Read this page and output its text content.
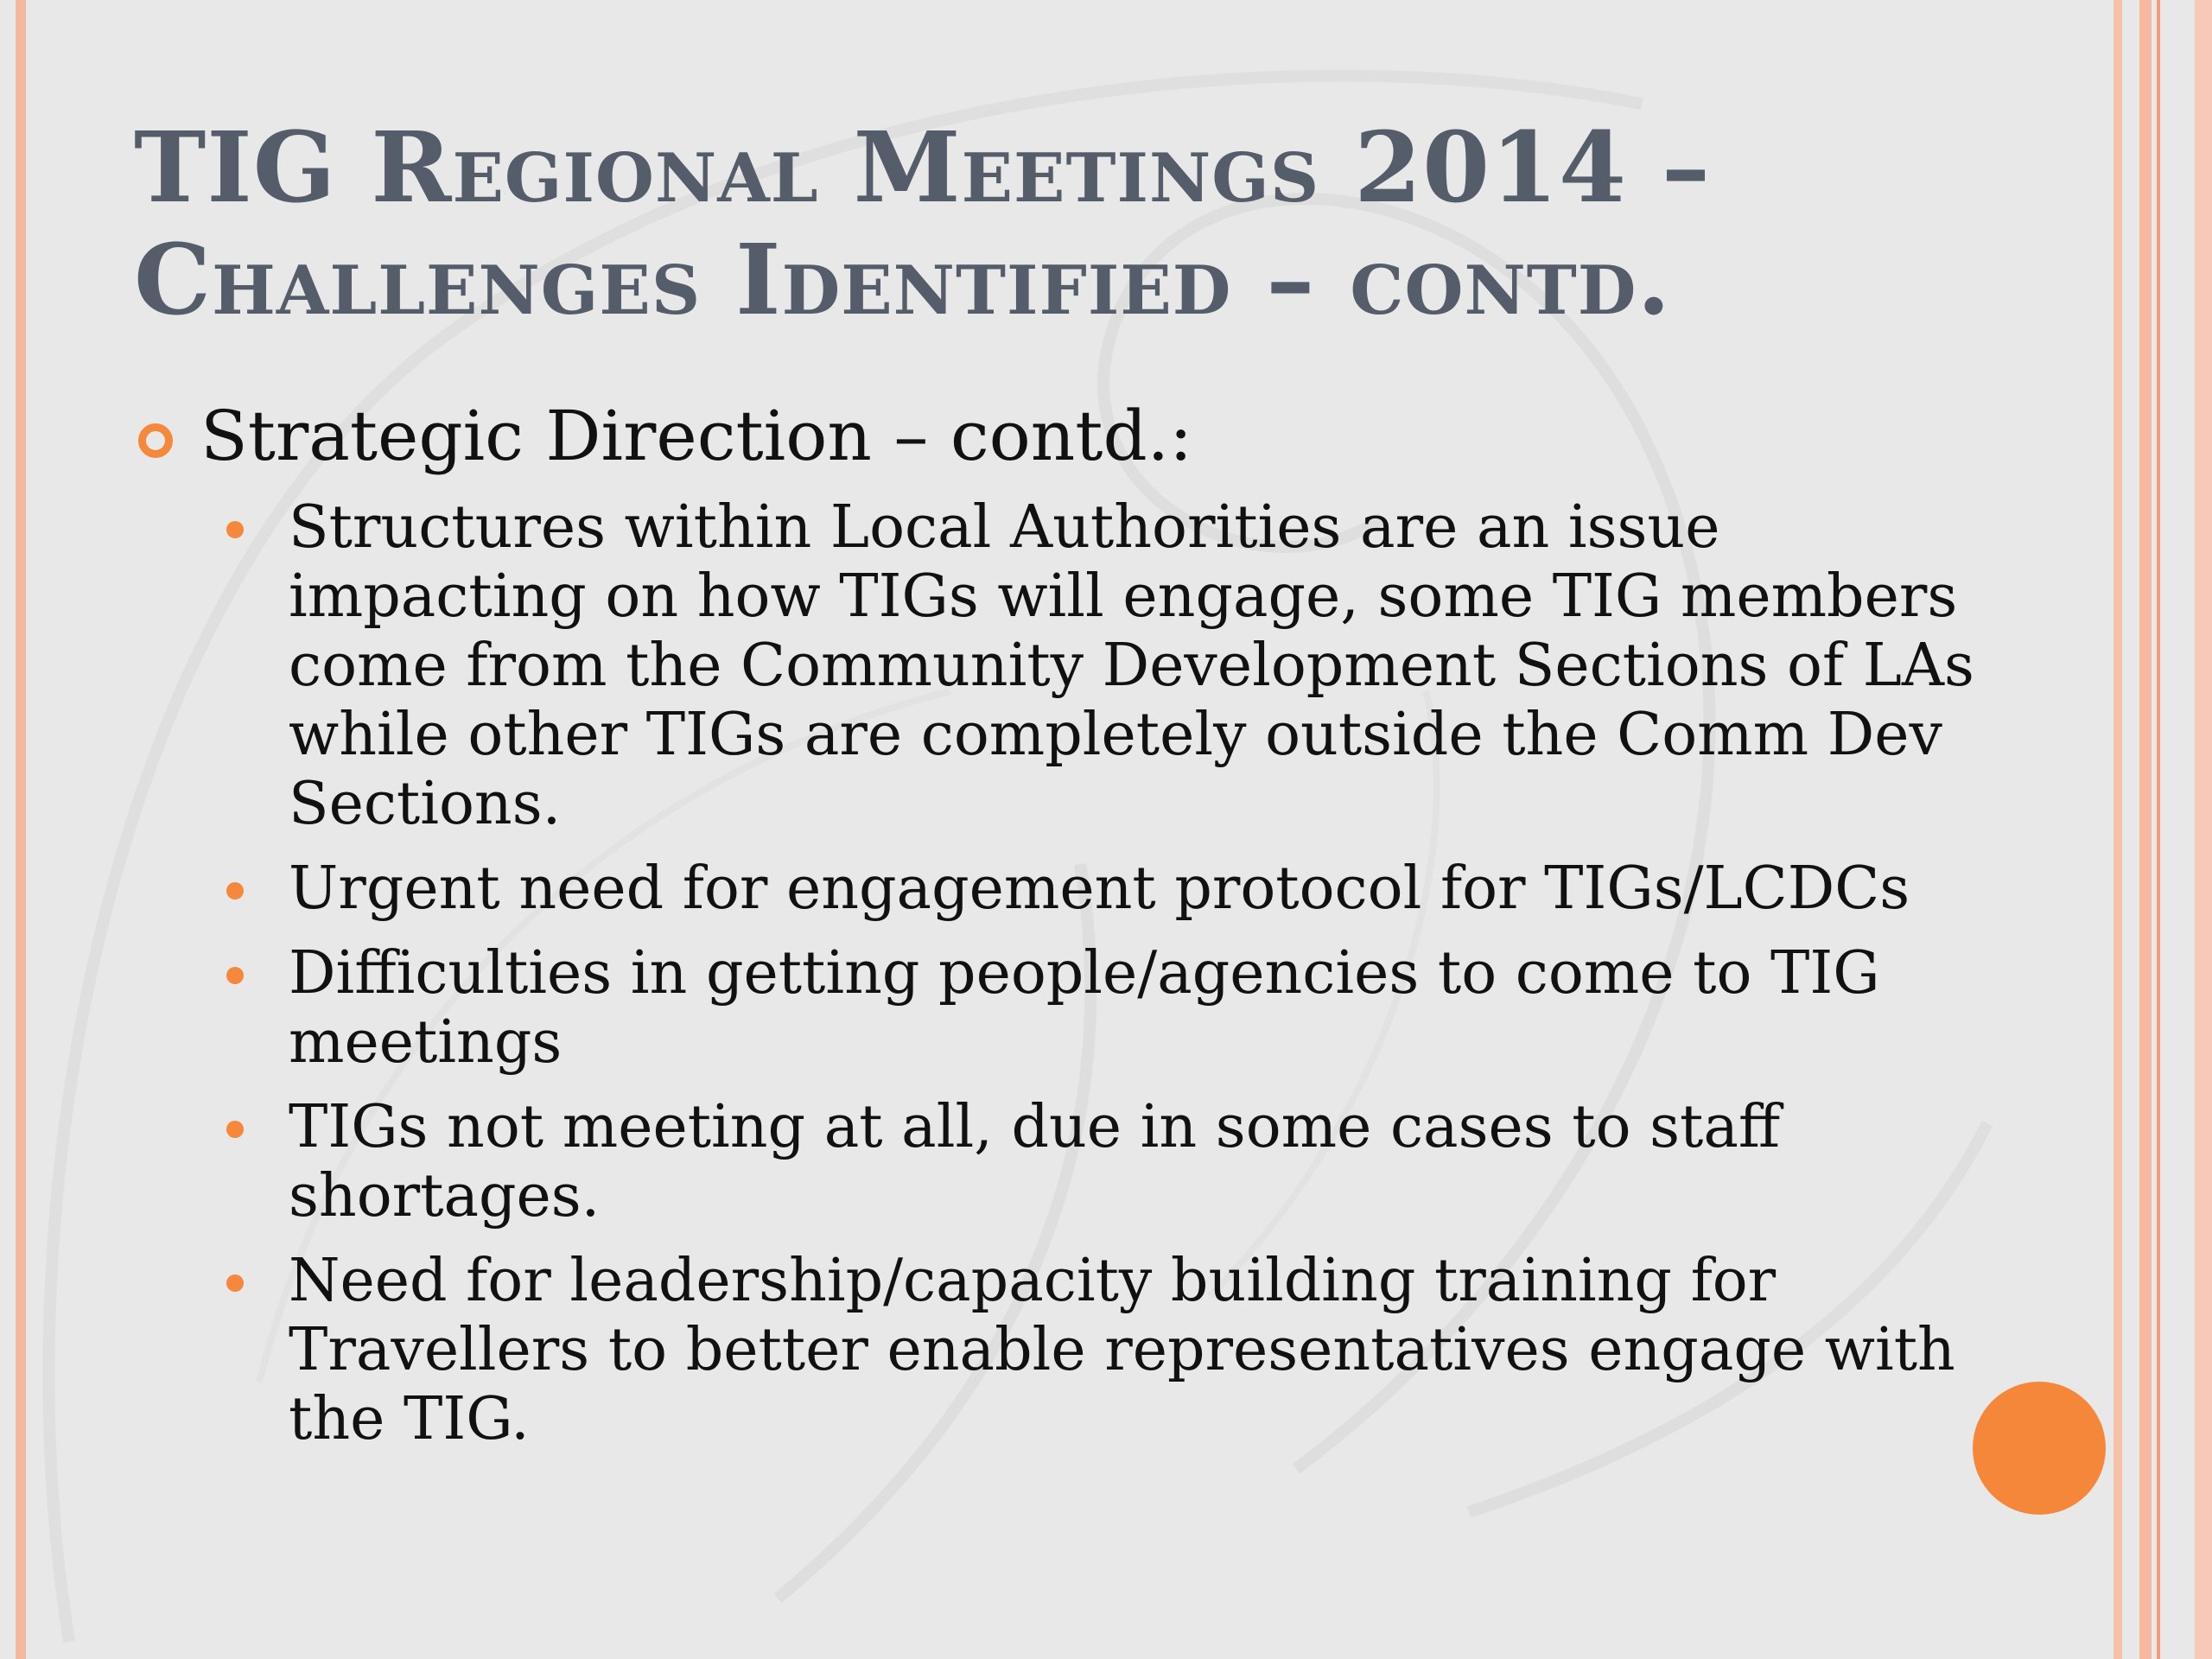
TIG Regional Meetings 2014 –
Challenges Identified – contd.
Strategic Direction – contd.:
Structures within Local Authorities are an issue
impacting on how TIGs will engage, some TIG members
come from the Community Development Sections of LAs
while other TIGs are completely outside the Comm Dev
Sections.
Urgent need for engagement protocol for TIGs/LCDCs
Difficulties in getting people/agencies to come to TIG
meetings
TIGs not meeting at all, due in some cases to staff
shortages.
Need for leadership/capacity building training for
Travellers to better enable representatives engage with
the TIG.
